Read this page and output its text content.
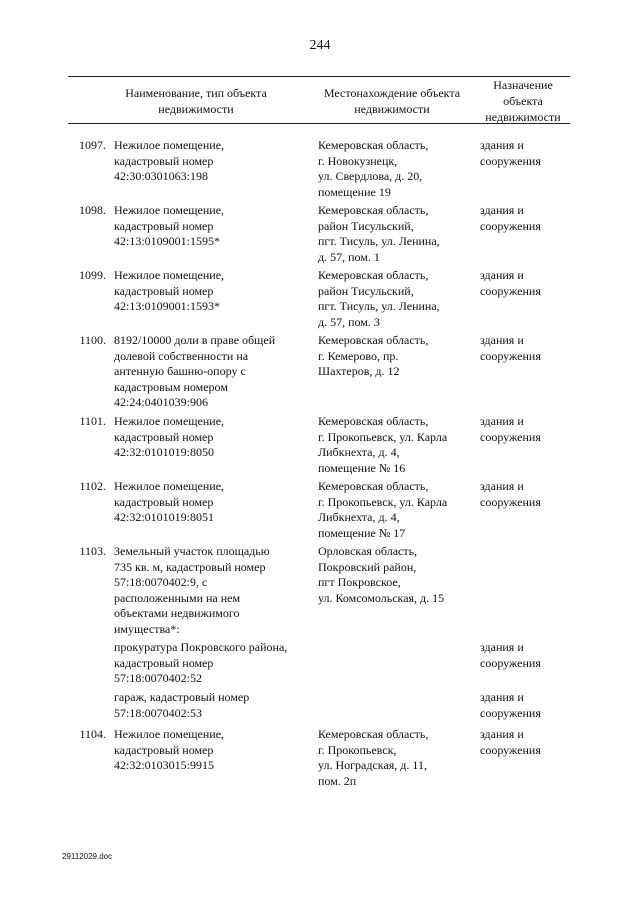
244
Наименование, тип объекта
недвижимости
Местонахождение объекта
недвижимости
Назначение
объекта
недвижимости
1097. Нежилое помещение,
кадастровый номер
42:30:0301063:198
Кемеровская область,
г. Новокузнецк,
ул. Свердлова, д. 20,
помещение 19
здания и
сооружения
1098. Нежилое помещение,
кадастровый номер
42:13:0109001:1595*
Кемеровская область,
район Тисульский,
пгт. Тисуль, ул. Ленина,
д. 57, пом. 1
здания и
сооружения
1099. Нежилое помещение,
кадастровый номер
42:13:0109001:1593*
Кемеровская область,
район Тисульский,
пгт. Тисуль, ул. Ленина,
д. 57, пом. 3
здания и
сооружения
1100. 8192/10000 доли в праве общей
долевой собственности на
антенную башню-опору с
кадастровым номером
42:24:0401039:906
Кемеровская область,
г. Кемерово, пр.
Шахтеров, д. 12
здания и
сооружения
1101. Нежилое помещение,
кадастровый номер
42:32:0101019:8050
Кемеровская область,
г. Прокопьевск, ул. Карла
Либкнехта, д. 4,
помещение № 16
здания и
сооружения
1102. Нежилое помещение,
кадастровый номер
42:32:0101019:8051
Кемеровская область,
г. Прокопьевск, ул. Карла
Либкнехта, д. 4,
помещение № 17
здания и
сооружения
1103. Земельный участок площадью
735 кв. м, кадастровый номер
57:18:0070402:9, с
расположенными на нем
объектами недвижимого
имущества*:
Орловская область,
Покровский район,
пгт Покровское,
ул. Комсомольская, д. 15
прокуратура Покровского района,
кадастровый номер
57:18:0070402:52
здания и
сооружения
гараж, кадастровый номер
57:18:0070402:53
здания и
сооружения
1104. Нежилое помещение,
кадастровый номер
42:32:0103015:9915
Кемеровская область,
г. Прокопьевск,
ул. Ноградская, д. 11,
пом. 2п
здания и
сооружения
29112029.doc
